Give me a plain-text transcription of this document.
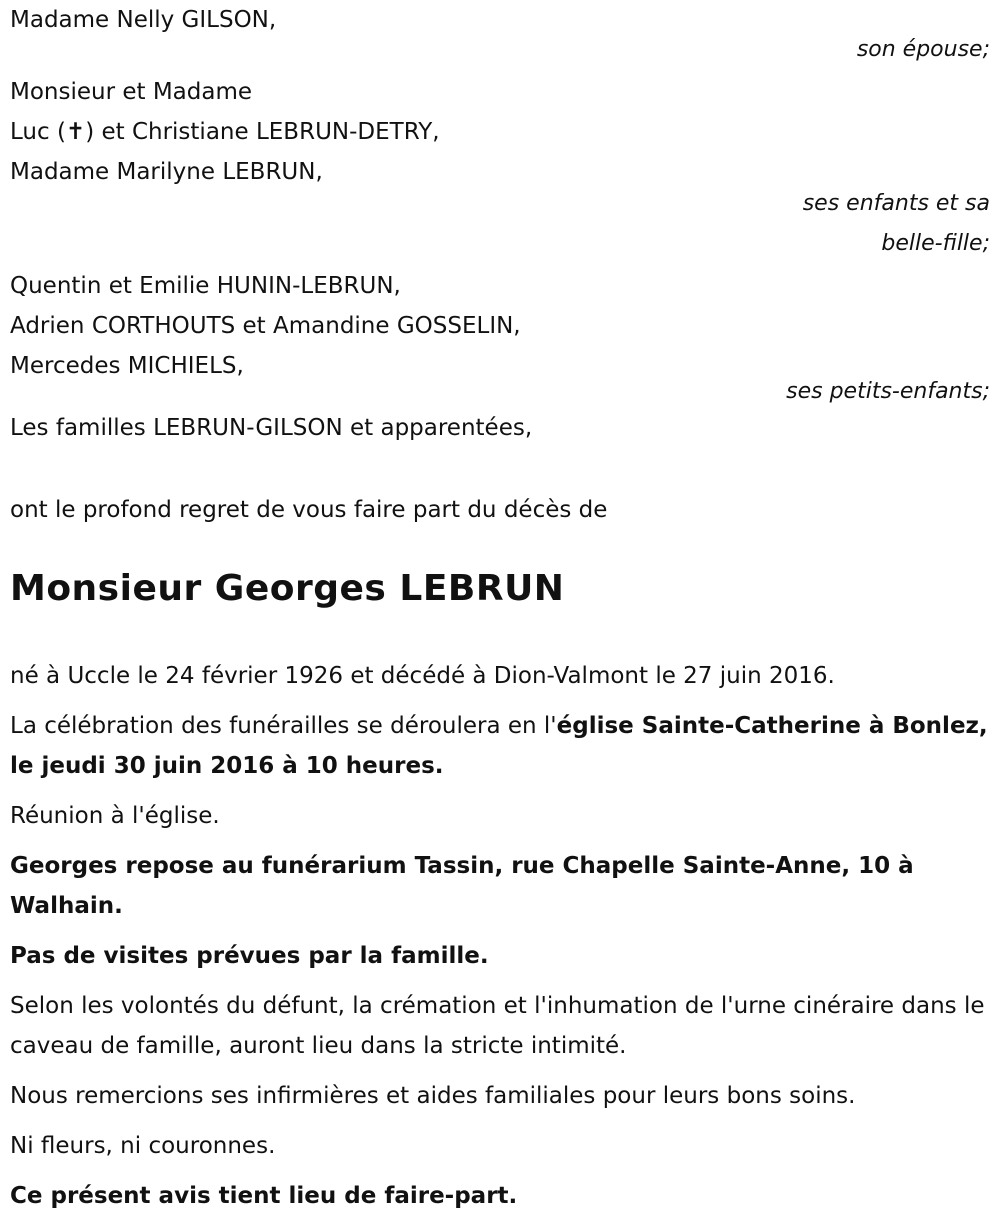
Madame Nelly GILSON,
son épouse;
Monsieur et Madame
Luc (✝) et Christiane LEBRUN-DETRY,
Madame Marilyne LEBRUN,
ses enfants et sa
belle-fille;
Quentin et Emilie HUNIN-LEBRUN,
Adrien CORTHOUTS et Amandine GOSSELIN,
Mercedes MICHIELS,
ses petits-enfants;
Les familles LEBRUN-GILSON et apparentées,
ont le profond regret de vous faire part du décès de
Monsieur Georges LEBRUN

né à Uccle le 24 février 1926 et décédé à Dion-Valmont le 27 juin 2016.

La célébration des funérailles se déroulera en l'église Sainte-Catherine à Bonlez, le jeudi 30 juin 2016 à 10 heures.

Réunion à l'église.

Georges repose au funérarium Tassin, rue Chapelle Sainte-Anne, 10 à Walhain.

Pas de visites prévues par la famille.

Selon les volontés du défunt, la crémation et l'inhumation de l'urne cinéraire dans le caveau de famille, auront lieu dans la stricte intimité.

Nous remercions ses infirmières et aides familiales pour leurs bons soins.

Ni fleurs, ni couronnes.

Ce présent avis tient lieu de faire-part.
